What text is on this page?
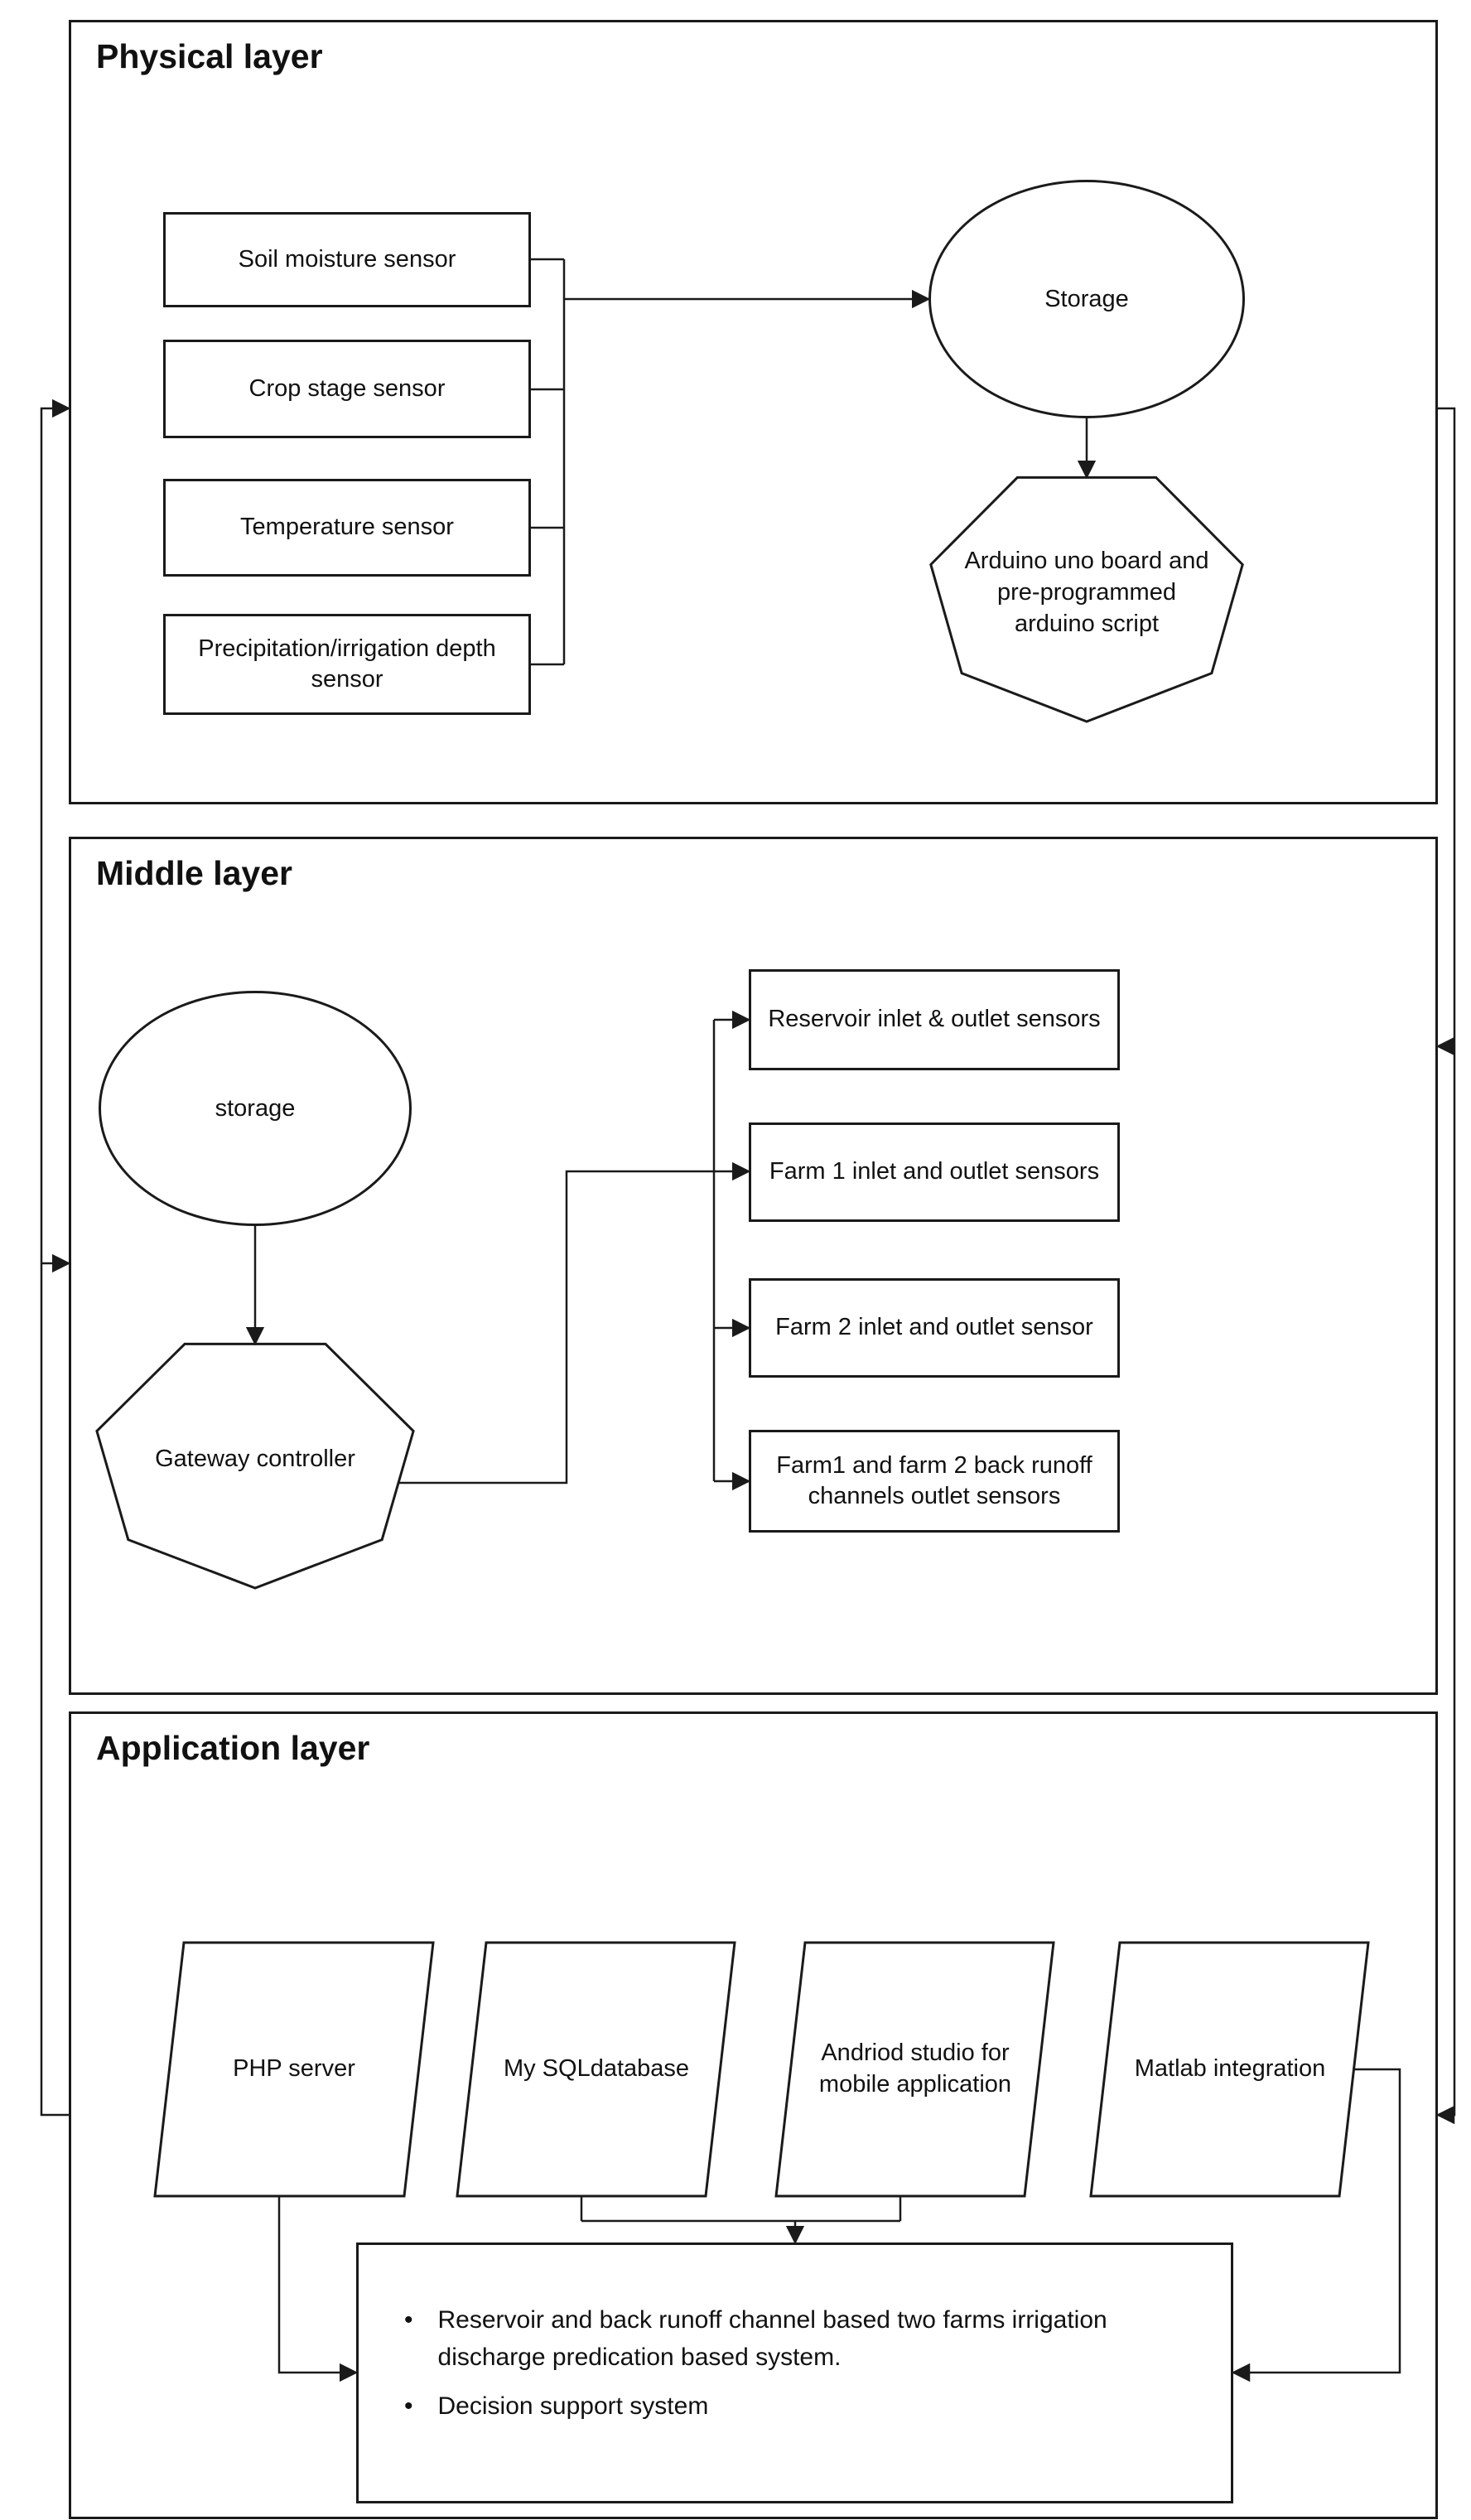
Physical layer
Soil moisture sensor
Crop stage sensor
Temperature sensor
Precipitation/irrigation depth sensor
Storage
Arduino uno board and pre-programmed arduino script
Middle layer
storage
Gateway controller
Reservoir inlet & outlet sensors
Farm 1 inlet and outlet sensors
Farm 2 inlet and outlet sensor
Farm1 and farm 2 back runoff channels outlet sensors
Application layer
PHP server	My SQLdatabase
Andriod studio for mobile application
Matlab integration
• Reservoir and back runoff channel based two farms irrigation discharge predication based system.
• Decision support system
